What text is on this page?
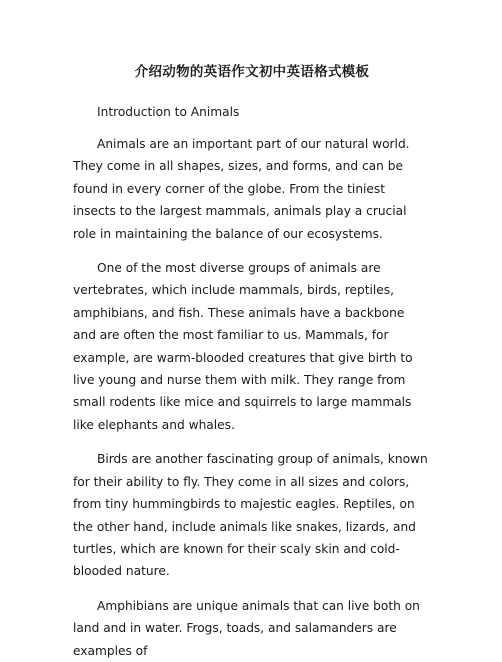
介绍动物的英语作文初中英语格式模板

Introduction to Animals

Animals are an important part of our natural world. They come in all shapes, sizes, and forms, and can be found in every corner of the globe. From the tiniest insects to the largest mammals, animals play a crucial role in maintaining the balance of our ecosystems.

One of the most diverse groups of animals are vertebrates, which include mammals, birds, reptiles, amphibians, and fish. These animals have a backbone and are often the most familiar to us. Mammals, for example, are warm-blooded creatures that give birth to live young and nurse them with milk. They range from small rodents like mice and squirrels to large mammals like elephants and whales.

Birds are another fascinating group of animals, known for their ability to fly. They come in all sizes and colors, from tiny hummingbirds to majestic eagles. Reptiles, on the other hand, include animals like snakes, lizards, and turtles, which are known for their scaly skin and cold-blooded nature.

Amphibians are unique animals that can live both on land and in water. Frogs, toads, and salamanders are examples of
